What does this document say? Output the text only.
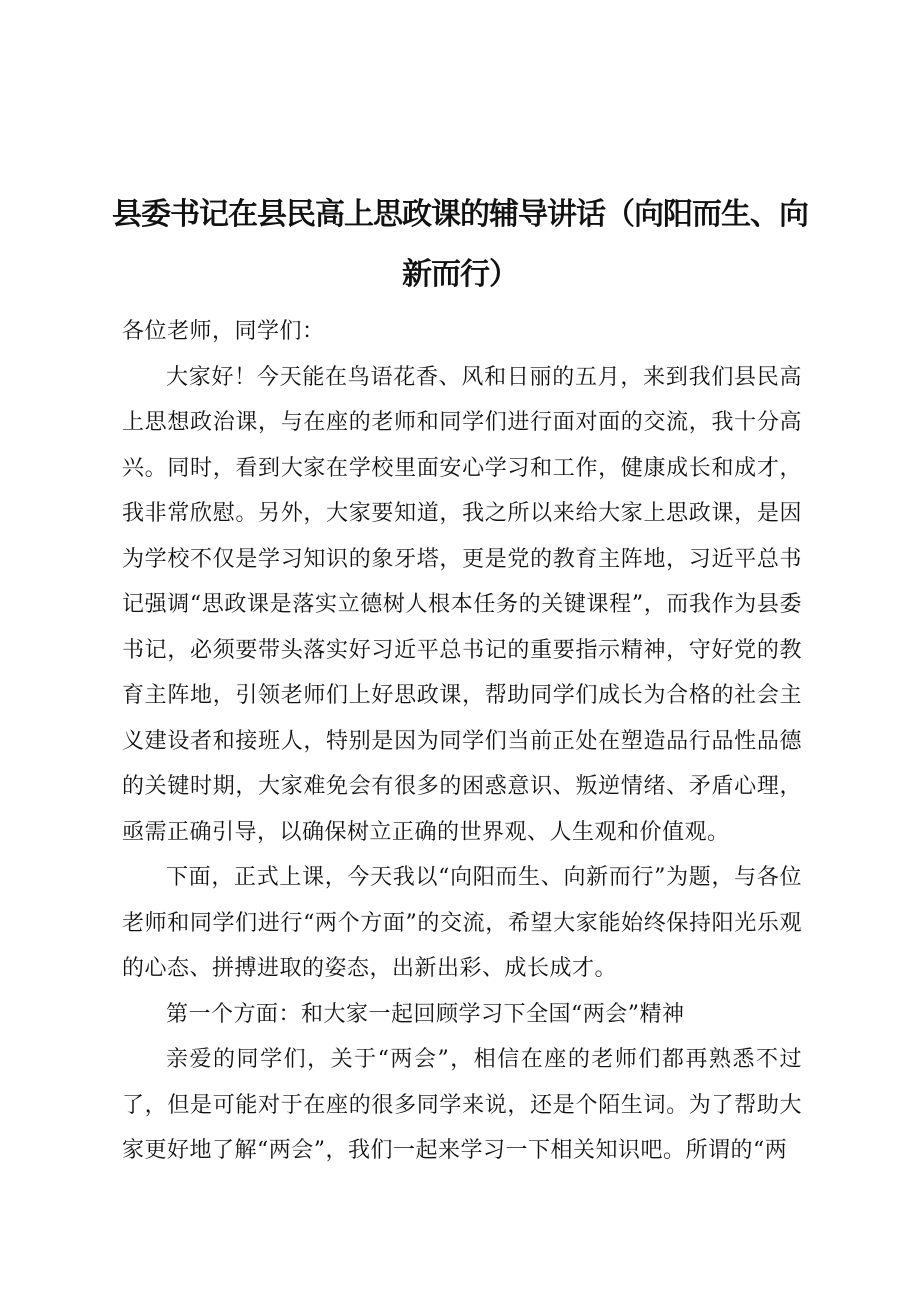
县委书记在县民高上思政课的辅导讲话（向阳而生、向
新而行）

各位老师，同学们：

大家好！今天能在鸟语花香、风和日丽的五月，来到我们县民高上思想政治课，与在座的老师和同学们进行面对面的交流，我十分高兴。同时，看到大家在学校里面安心学习和工作，健康成长和成才，我非常欣慰。另外，大家要知道，我之所以来给大家上思政课，是因为学校不仅是学习知识的象牙塔，更是党的教育主阵地，习近平总书记强调“思政课是落实立德树人根本任务的关键课程”，而我作为县委书记，必须要带头落实好习近平总书记的重要指示精神，守好党的教育主阵地，引领老师们上好思政课，帮助同学们成长为合格的社会主义建设者和接班人，特别是因为同学们当前正处在塑造品行品性品德的关键时期，大家难免会有很多的困惑意识、叛逆情绪、矛盾心理，亟需正确引导，以确保树立正确的世界观、人生观和价值观。

下面，正式上课，今天我以“向阳而生、向新而行”为题，与各位老师和同学们进行“两个方面”的交流，希望大家能始终保持阳光乐观的心态、拼搏进取的姿态，出新出彩、成长成才。

第一个方面：和大家一起回顾学习下全国“两会”精神

亲爱的同学们，关于“两会”，相信在座的老师们都再熟悉不过了，但是可能对于在座的很多同学来说，还是个陌生词。为了帮助大家更好地了解“两会”，我们一起来学习一下相关知识吧。所谓的“两
